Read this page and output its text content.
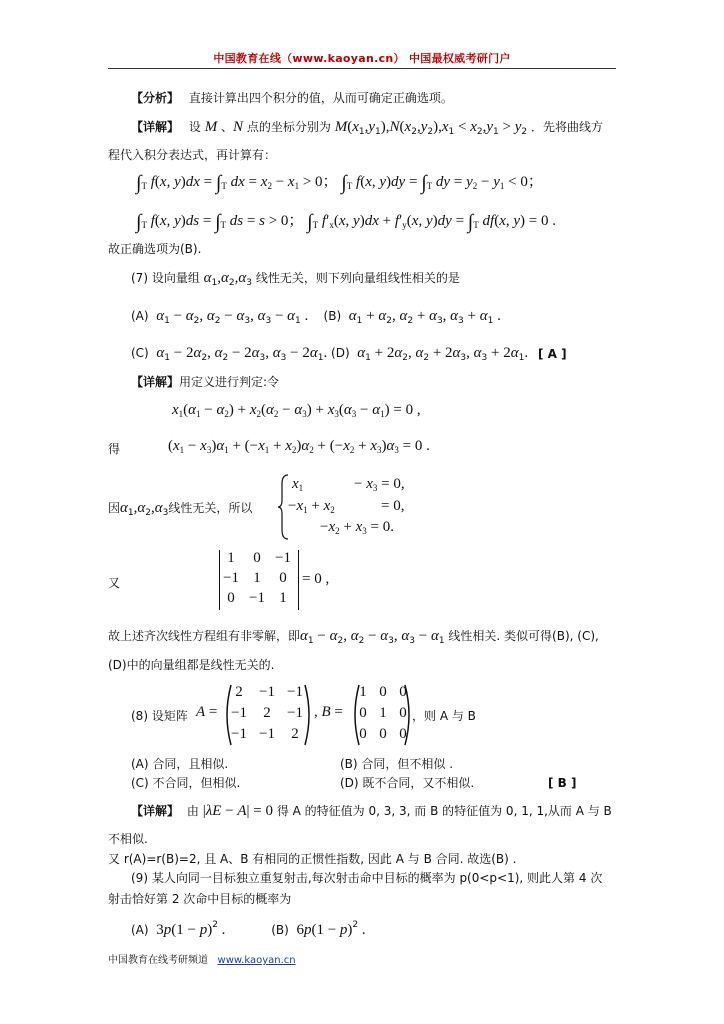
中国教育在线（www.kaoyan.cn） 中国最权威考研门户
【分析】 直接计算出四个积分的值，从而可确定正确选项。
【详解】 设 M 、N 点的坐标分别为 $M(x_1,y_1),N(x_2,y_2),x_1 < x_2,y_1 > y_2$ ．先将曲线方
程代入积分表达式，再计算有：
$\int_T$ f(x, $y)dx = \int_T$ dx = $x_2 - x_1 > 0$； $\int_T$ f(x, $y)dy = \int_T$ dy = $y_2 - y_1 < 0$；
$\int_T$ f(x, $y)ds = \int_T$ ds = s > 0； $\int_T$ $f'_x(x$, $y)dx + f'_y(x$, $y)dy = \int_T$ df(x, y) = 0 .
故正确选项为(B).
(7) 设向量组 $\alpha_1,\alpha_2,\alpha_3$ 线性无关，则下列向量组线性相关的是
(A) $\alpha_1 - \alpha_2$, $\alpha_2 - \alpha_3$, $\alpha_3 - \alpha_1$ . (B) $\alpha_1 + \alpha_2$, $\alpha_2 + \alpha_3$, $\alpha_3 + \alpha_1$ .
(C) $\alpha_1 - 2\alpha_2$, $\alpha_2 - 2\alpha_3$, $\alpha_3 - 2\alpha_1$. (D) $\alpha_1 + 2\alpha_2$, $\alpha_2 + 2\alpha_3$, $\alpha_3 + 2\alpha_1$. [ A ]
【详解】用定义进行判定:令
$x_1(\alpha_1 - \alpha_2) + x_2(\alpha_2 - \alpha_3) + x_3(\alpha_3 - \alpha_1) = 0$ ,
得	$(x_1 - x_3)\alpha_1 + (-x_1 + x_2)\alpha_2 + (-x_2 + x_3)\alpha_3 = 0$ .
因$\alpha_1,\alpha_2,\alpha_3$线性无关，所以
$x_1$	− $x_3 = 0$,
$-x_1 + x_2$	= 0,
$-x_2 + x_3 = 0$.
又
1	0 −1
−1 1	0
0 −1 1
= 0 ,
故上述齐次线性方程组有非零解，即$\alpha_1 - \alpha_2$, $\alpha_2 - \alpha_3$, $\alpha_3 - \alpha_1$ 线性相关. 类似可得(B), (C),
(D)中的向量组都是线性无关的.
(8) 设矩阵 A =
2	−1 −1
−1	2	−1
−1 −1	2
, B =
1 0 0
0 1 0
0 0 0
，则 A 与 B
(A) 合同，且相似.	(B) 合同，但不相似 .
(C) 不合同，但相似.	(D) 既不合同，又不相似.	[ B ]
【详解】 由 |λE − A| = 0 得 A 的特征值为 0, 3, 3, 而 B 的特征值为 0, 1, 1,从而 A 与 B
不相似.
又 r(A)=r(B)=2, 且 A、B 有相同的正惯性指数, 因此 A 与 B 合同. 故选(B) .
(9) 某人向同一目标独立重复射击,每次射击命中目标的概率为 p(0<p<1), 则此人第 4 次
射击恰好第 2 次命中目标的概率为
(A) $3p(1 - p)^2$ .	(B) $6p(1 - p)^2$ .
中国教育在线考研频道 www.kaoyan.cn
